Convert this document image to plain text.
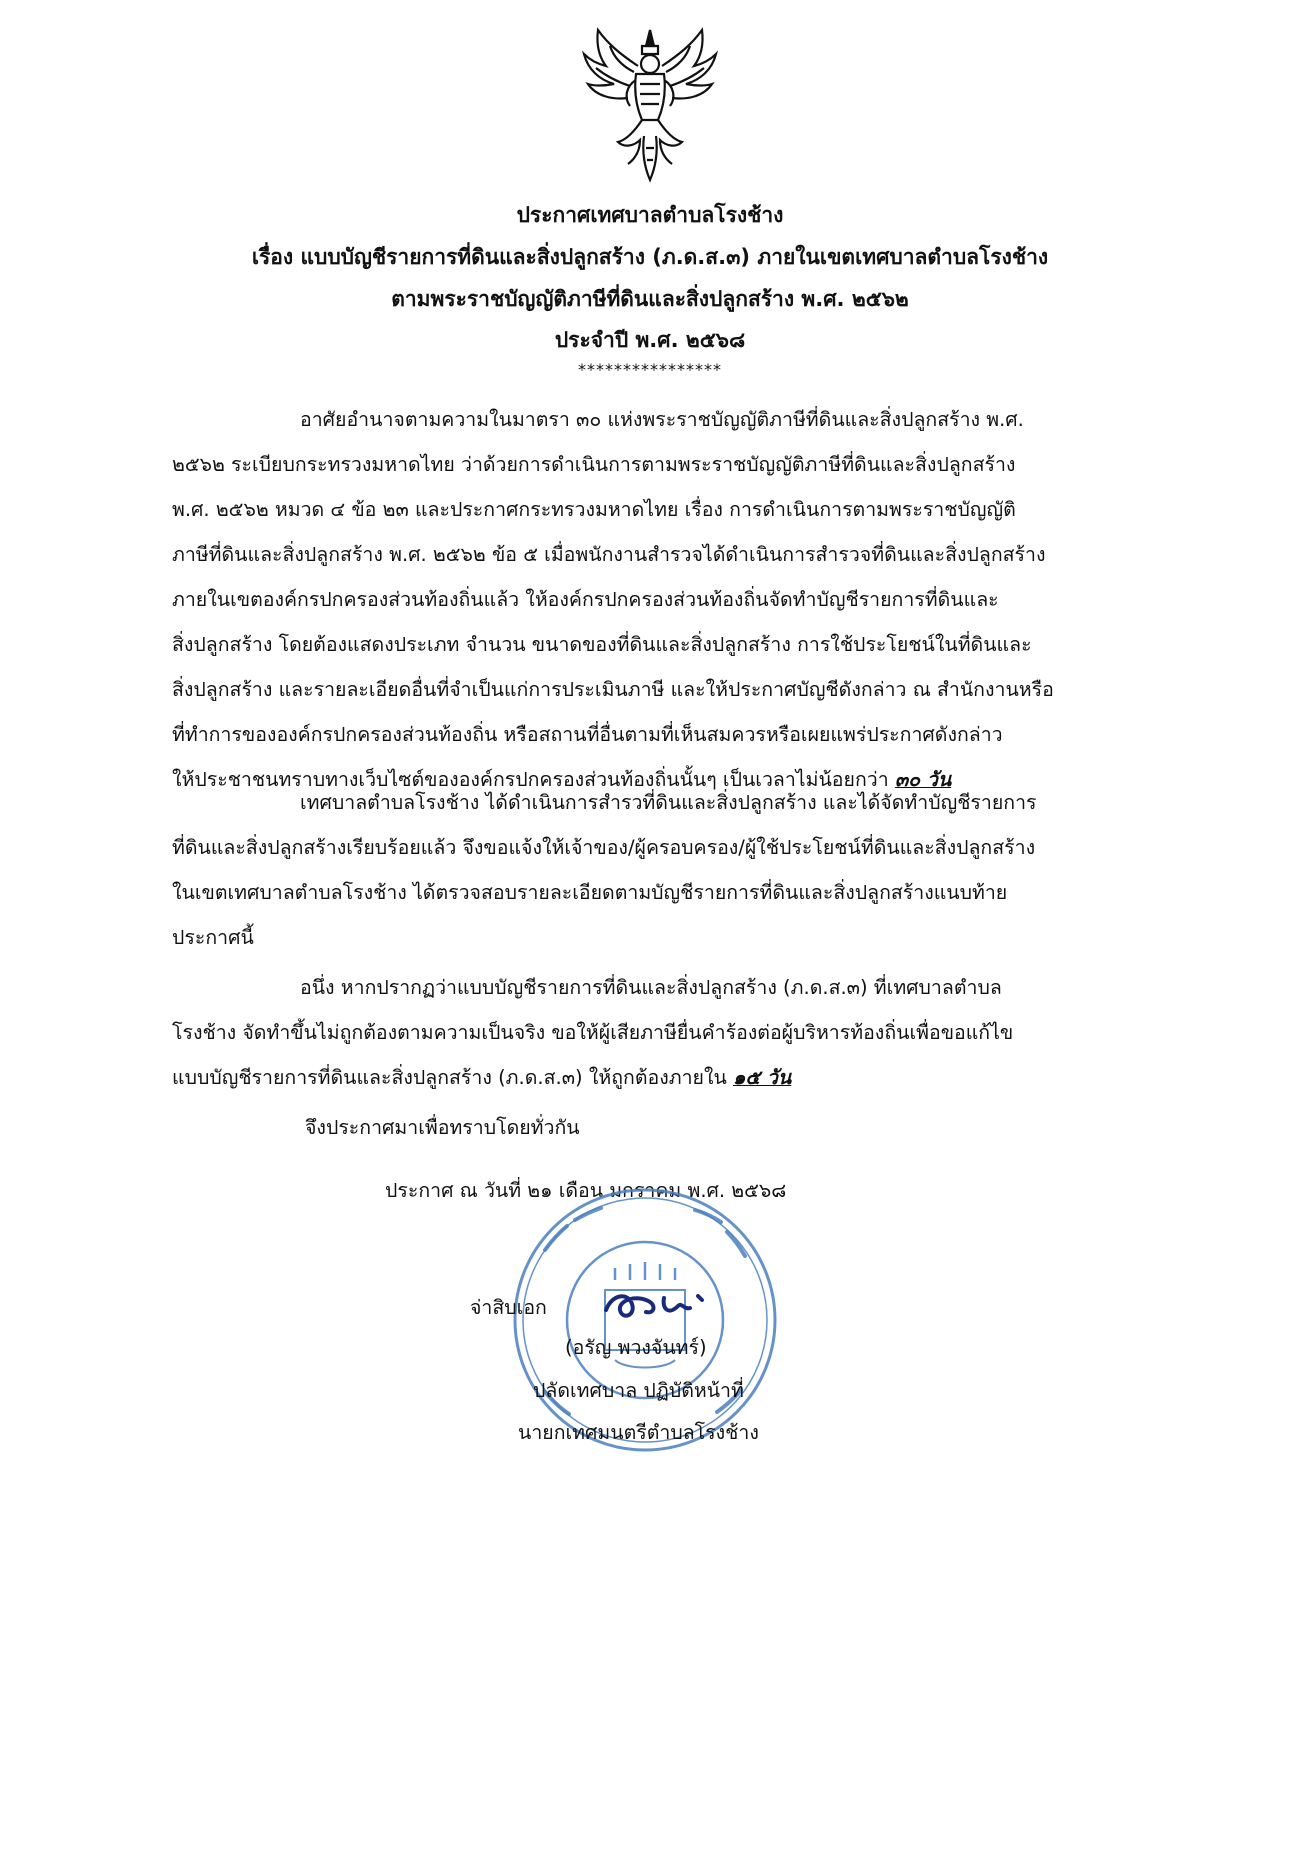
ประกาศเทศบาลตำบลโรงช้าง
เรื่อง แบบบัญชีรายการที่ดินและสิ่งปลูกสร้าง (ภ.ด.ส.๓) ภายในเขตเทศบาลตำบลโรงช้าง
ตามพระราชบัญญัติภาษีที่ดินและสิ่งปลูกสร้าง พ.ศ. ๒๕๖๒
ประจำปี พ.ศ. ๒๕๖๘
****************
อาศัยอำนาจตามความในมาตรา ๓๐ แห่งพระราชบัญญัติภาษีที่ดินและสิ่งปลูกสร้าง พ.ศ.
๒๕๖๒ ระเบียบกระทรวงมหาดไทย ว่าด้วยการดำเนินการตามพระราชบัญญัติภาษีที่ดินและสิ่งปลูกสร้าง
พ.ศ. ๒๕๖๒ หมวด ๔ ข้อ ๒๓ และประกาศกระทรวงมหาดไทย เรื่อง การดำเนินการตามพระราชบัญญัติ
ภาษีที่ดินและสิ่งปลูกสร้าง พ.ศ. ๒๕๖๒ ข้อ ๕ เมื่อพนักงานสำรวจได้ดำเนินการสำรวจที่ดินและสิ่งปลูกสร้าง
ภายในเขตองค์กรปกครองส่วนท้องถิ่นแล้ว ให้องค์กรปกครองส่วนท้องถิ่นจัดทำบัญชีรายการที่ดินและ
สิ่งปลูกสร้าง โดยต้องแสดงประเภท จำนวน ขนาดของที่ดินและสิ่งปลูกสร้าง การใช้ประโยชน์ในที่ดินและ
สิ่งปลูกสร้าง และรายละเอียดอื่นที่จำเป็นแก่การประเมินภาษี และให้ประกาศบัญชีดังกล่าว ณ สำนักงานหรือ
ที่ทำการขององค์กรปกครองส่วนท้องถิ่น หรือสถานที่อื่นตามที่เห็นสมควรหรือเผยแพร่ประกาศดังกล่าว
ให้ประชาชนทราบทางเว็บไซต์ขององค์กรปกครองส่วนท้องถิ่นนั้นๆ เป็นเวลาไม่น้อยกว่า ๓๐ วัน
เทศบาลตำบลโรงช้าง ได้ดำเนินการสำรวที่ดินและสิ่งปลูกสร้าง และได้จัดทำบัญชีรายการ
ที่ดินและสิ่งปลูกสร้างเรียบร้อยแล้ว จึงขอแจ้งให้เจ้าของ/ผู้ครอบครอง/ผู้ใช้ประโยชน์ที่ดินและสิ่งปลูกสร้าง
ในเขตเทศบาลตำบลโรงช้าง ได้ตรวจสอบรายละเอียดตามบัญชีรายการที่ดินและสิ่งปลูกสร้างแนบท้าย
ประกาศนี้
อนึ่ง หากปรากฏว่าแบบบัญชีรายการที่ดินและสิ่งปลูกสร้าง (ภ.ด.ส.๓) ที่เทศบาลตำบล
โรงช้าง จัดทำขึ้นไม่ถูกต้องตามความเป็นจริง ขอให้ผู้เสียภาษียื่นคำร้องต่อผู้บริหารท้องถิ่นเพื่อขอแก้ไข
แบบบัญชีรายการที่ดินและสิ่งปลูกสร้าง (ภ.ด.ส.๓) ให้ถูกต้องภายใน ๑๕ วัน
จึงประกาศมาเพื่อทราบโดยทั่วกัน
ประกาศ ณ วันที่ ๒๑ เดือน มกราคม พ.ศ. ๒๕๖๘
จ่าสิบเอก
(อรัญ พวงจันทร์)
ปลัดเทศบาล ปฏิบัติหน้าที่
นายกเทศมนตรีตำบลโรงช้าง
